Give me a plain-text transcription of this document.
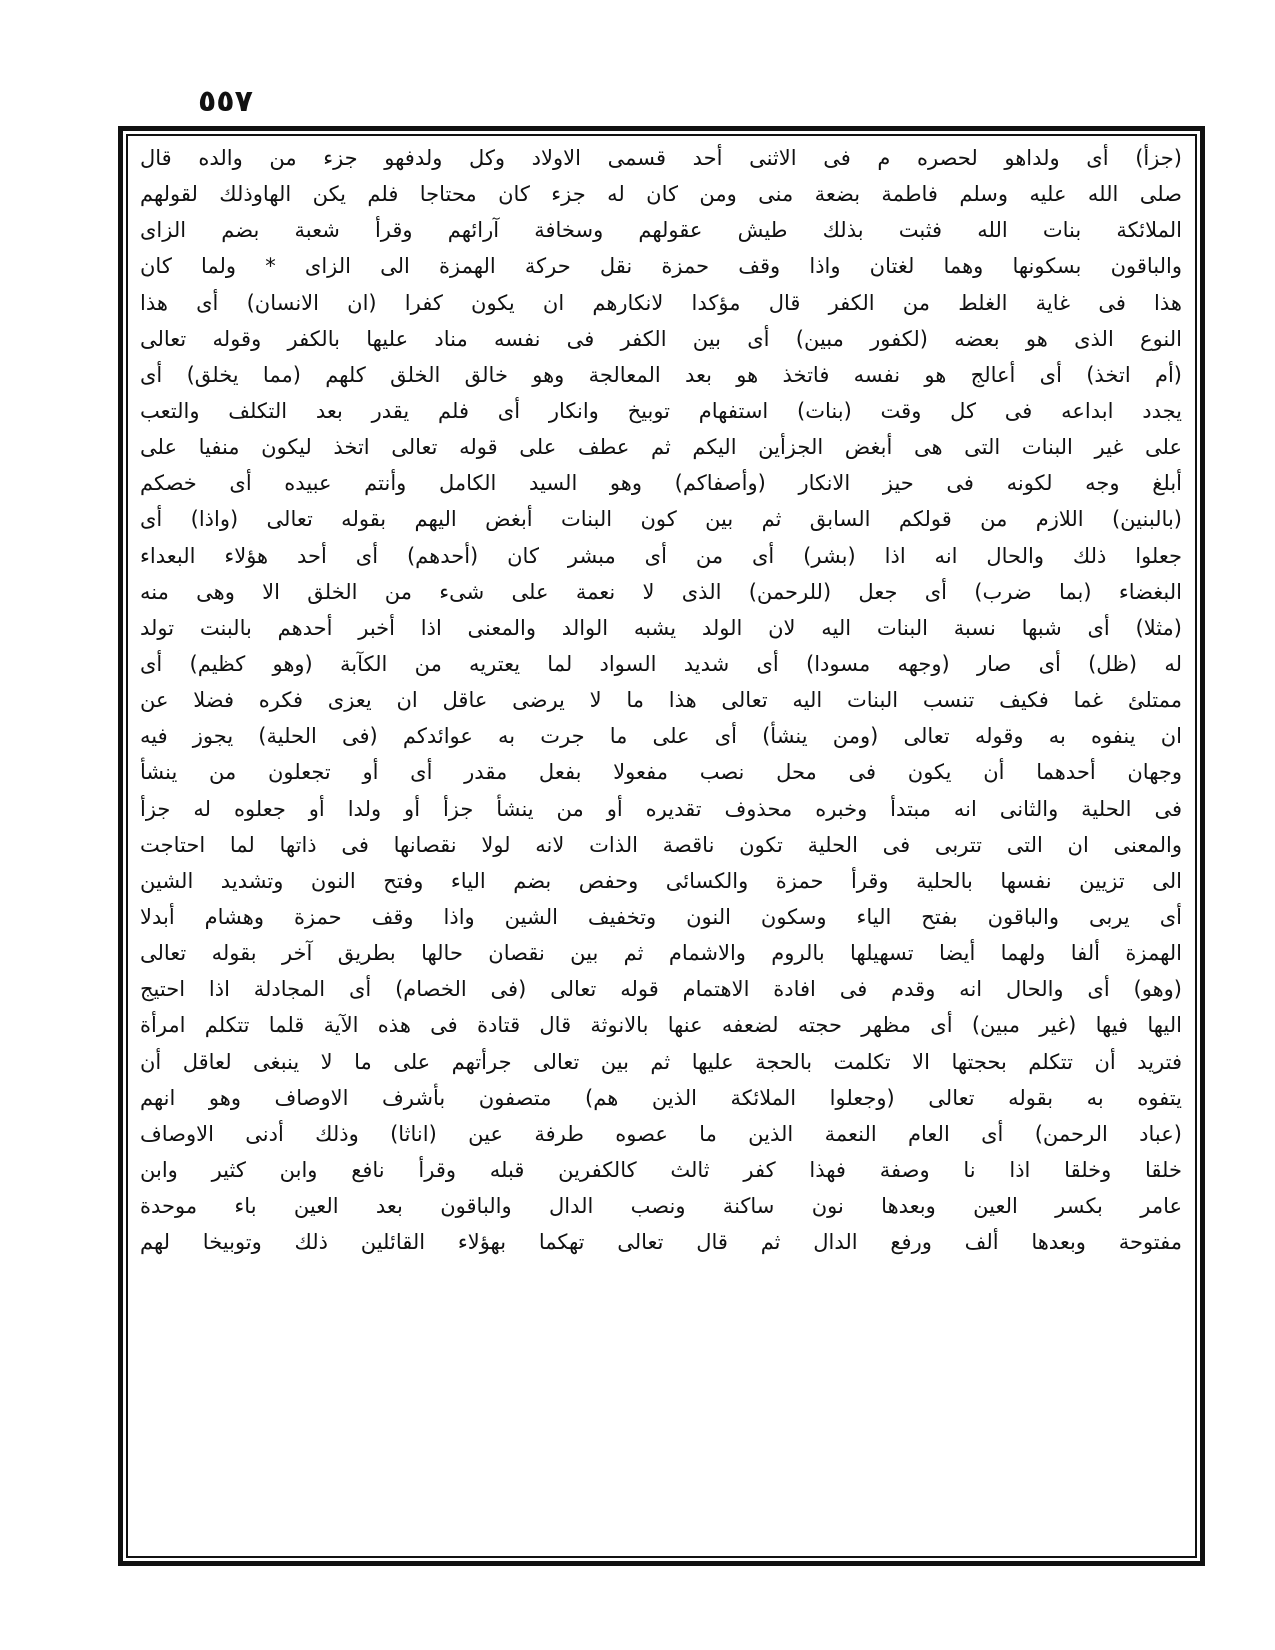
٥٥٧
(جزأ) أى ولداهو لحصره م فى الاثنى أحد قسمى الاولاد وكل ولدفهو جزء من والده قال
صلى الله عليه وسلم فاطمة بضعة منى ومن كان له جزء كان محتاجا فلم يكن الهاوذلك لقولهم
الملائكة بنات الله فثبت بذلك طيش عقولهم وسخافة آرائهم وقرأ شعبة بضم الزاى
والباقون بسكونها وهما لغتان واذا وقف حمزة نقل حركة الهمزة الى الزاى * ولما كان
هذا فى غاية الغلط من الكفر قال مؤكدا لانكارهم ان يكون كفرا (ان الانسان) أى هذا
النوع الذى هو بعضه (لكفور مبين) أى بين الكفر فى نفسه مناد عليها بالكفر وقوله تعالى
(أم اتخذ) أى أعالج هو نفسه فاتخذ هو بعد المعالجة وهو خالق الخلق كلهم (مما يخلق) أى
يجدد ابداعه فى كل وقت (بنات) استفهام توبيخ وانكار أى فلم يقدر بعد التكلف والتعب
على غير البنات التى هى أبغض الجزأين اليكم ثم عطف على قوله تعالى اتخذ ليكون منفيا على
أبلغ وجه لكونه فى حيز الانكار (وأصفاكم) وهو السيد الكامل وأنتم عبيده أى خصكم
(بالبنين) اللازم من قولكم السابق ثم بين كون البنات أبغض اليهم بقوله تعالى (واذا) أى
جعلوا ذلك والحال انه اذا (بشر) أى من أى مبشر كان (أحدهم) أى أحد هؤلاء البعداء
البغضاء (بما ضرب) أى جعل (للرحمن) الذى لا نعمة على شىء من الخلق الا وهى منه
(مثلا) أى شبها نسبة البنات اليه لان الولد يشبه الوالد والمعنى اذا أخبر أحدهم بالبنت تولد
له (ظل) أى صار (وجهه مسودا) أى شديد السواد لما يعتريه من الكآبة (وهو كظيم) أى
ممتلئ غما فكيف تنسب البنات اليه تعالى هذا ما لا يرضى عاقل ان يعزى فكره فضلا عن
ان ينفوه به وقوله تعالى (ومن ينشأ) أى على ما جرت به عوائدكم (فى الحلية) يجوز فيه
وجهان أحدهما أن يكون فى محل نصب مفعولا بفعل مقدر أى أو تجعلون من ينشأ
فى الحلية والثانى انه مبتدأ وخبره محذوف تقديره أو من ينشأ جزأ أو ولدا أو جعلوه له جزأ
والمعنى ان التى تتربى فى الحلية تكون ناقصة الذات لانه لولا نقصانها فى ذاتها لما احتاجت
الى تزيين نفسها بالحلية وقرأ حمزة والكسائى وحفص بضم الياء وفتح النون وتشديد الشين
أى يربى والباقون بفتح الياء وسكون النون وتخفيف الشين واذا وقف حمزة وهشام أبدلا
الهمزة ألفا ولهما أيضا تسهيلها بالروم والاشمام ثم بين نقصان حالها بطريق آخر بقوله تعالى
(وهو) أى والحال انه وقدم فى افادة الاهتمام قوله تعالى (فى الخصام) أى المجادلة اذا احتيج
اليها فيها (غير مبين) أى مظهر حجته لضعفه عنها بالانوثة قال قتادة فى هذه الآية قلما تتكلم امرأة
فتريد أن تتكلم بحجتها الا تكلمت بالحجة عليها ثم بين تعالى جرأتهم على ما لا ينبغى لعاقل أن
يتفوه به بقوله تعالى (وجعلوا الملائكة الذين هم) متصفون بأشرف الاوصاف وهو انهم
(عباد الرحمن) أى العام النعمة الذين ما عصوه طرفة عين (اناثا) وذلك أدنى الاوصاف
خلقا وخلقا اذا نا وصفة فهذا كفر ثالث كالكفرين قبله وقرأ نافع وابن كثير وابن
عامر بكسر العين وبعدها نون ساكنة ونصب الدال والباقون بعد العين باء موحدة
مفتوحة وبعدها ألف ورفع الدال ثم قال تعالى تهكما بهؤلاء القائلين ذلك وتوبيخا لهم
